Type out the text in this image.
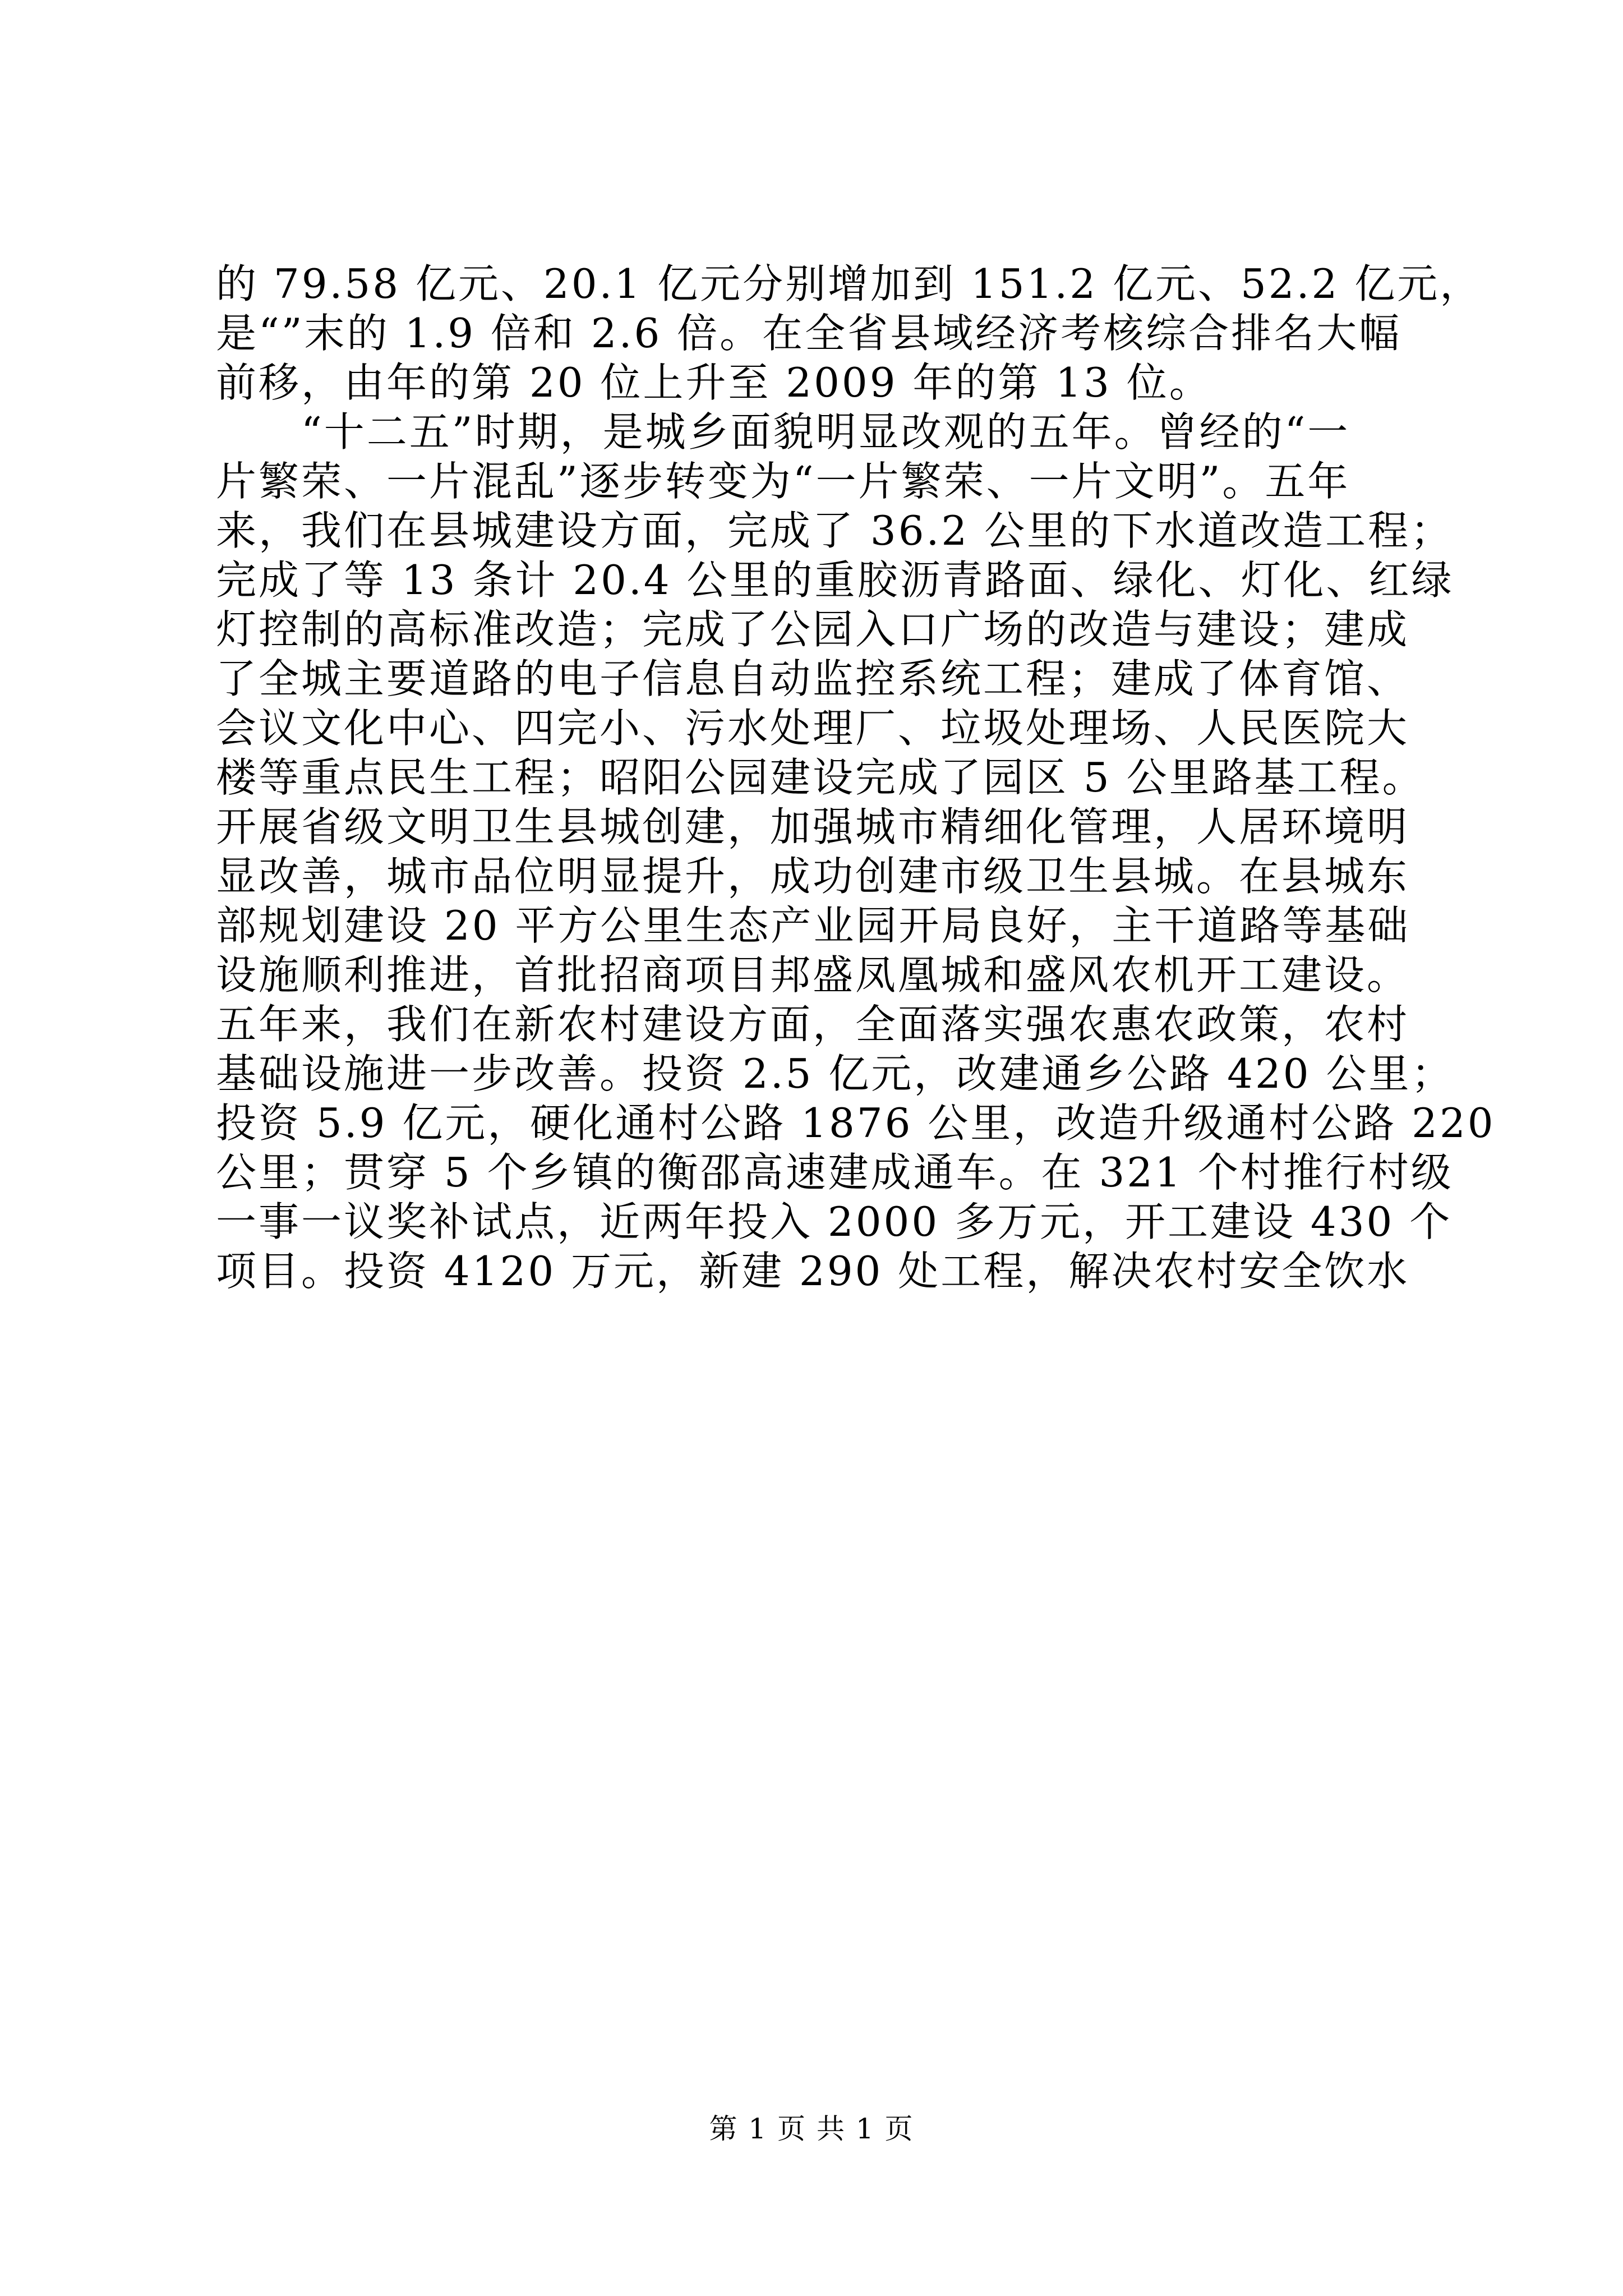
的 79.58 亿元、20.1 亿元分别增加到 151.2 亿元、52.2 亿元，
是“”末的 1.9 倍和 2.6 倍。在全省县域经济考核综合排名大幅
前移，由年的第 20 位上升至 2009 年的第 13 位。
　　“十二五”时期，是城乡面貌明显改观的五年。曾经的“一
片繁荣、一片混乱”逐步转变为“一片繁荣、一片文明”。五年
来，我们在县城建设方面，完成了 36.2 公里的下水道改造工程；
完成了等 13 条计 20.4 公里的重胶沥青路面、绿化、灯化、红绿
灯控制的高标准改造；完成了公园入口广场的改造与建设；建成
了全城主要道路的电子信息自动监控系统工程；建成了体育馆、
会议文化中心、四完小、污水处理厂、垃圾处理场、人民医院大
楼等重点民生工程；昭阳公园建设完成了园区 5 公里路基工程。
开展省级文明卫生县城创建，加强城市精细化管理，人居环境明
显改善，城市品位明显提升，成功创建市级卫生县城。在县城东
部规划建设 20 平方公里生态产业园开局良好，主干道路等基础
设施顺利推进，首批招商项目邦盛凤凰城和盛风农机开工建设。
五年来，我们在新农村建设方面，全面落实强农惠农政策，农村
基础设施进一步改善。投资 2.5 亿元，改建通乡公路 420 公里；
投资 5.9 亿元，硬化通村公路 1876 公里，改造升级通村公路 220
公里；贯穿 5 个乡镇的衡邵高速建成通车。在 321 个村推行村级
一事一议奖补试点，近两年投入 2000 多万元，开工建设 430 个
项目。投资 4120 万元，新建 290 处工程，解决农村安全饮水
第 1 页 共 1 页
